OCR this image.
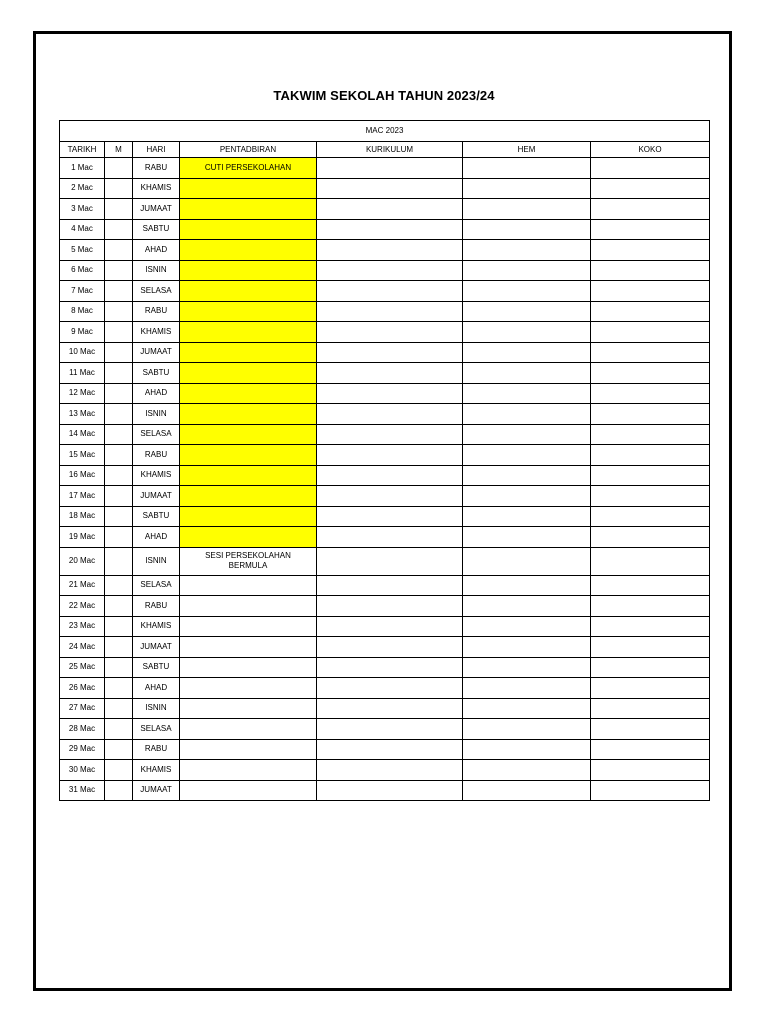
TAKWIM SEKOLAH TAHUN 2023/24
MAC 2023						
TARIKH	M	HARI	PENTADBIRAN	KURIKULUM	HEM	KOKO
1 Mac		RABU	CUTI PERSEKOLAHAN			
2 Mac		KHAMIS				
3 Mac		JUMAAT				
4 Mac		SABTU				
5 Mac		AHAD				
6 Mac		ISNIN				
7 Mac		SELASA				
8 Mac		RABU				
9 Mac		KHAMIS				
10 Mac		JUMAAT				
11 Mac		SABTU				
12 Mac		AHAD				
13 Mac		ISNIN				
14 Mac		SELASA				
15 Mac		RABU				
16 Mac		KHAMIS				
17 Mac		JUMAAT				
18 Mac		SABTU				
19 Mac		AHAD				
20 Mac		ISNIN	SESI PERSEKOLAHAN
BERMULA			
21 Mac		SELASA				
22 Mac		RABU				
23 Mac		KHAMIS				
24 Mac		JUMAAT				
25 Mac		SABTU				
26 Mac		AHAD				
27 Mac		ISNIN				
28 Mac		SELASA				
29 Mac		RABU				
30 Mac		KHAMIS				
31 Mac		JUMAAT				
